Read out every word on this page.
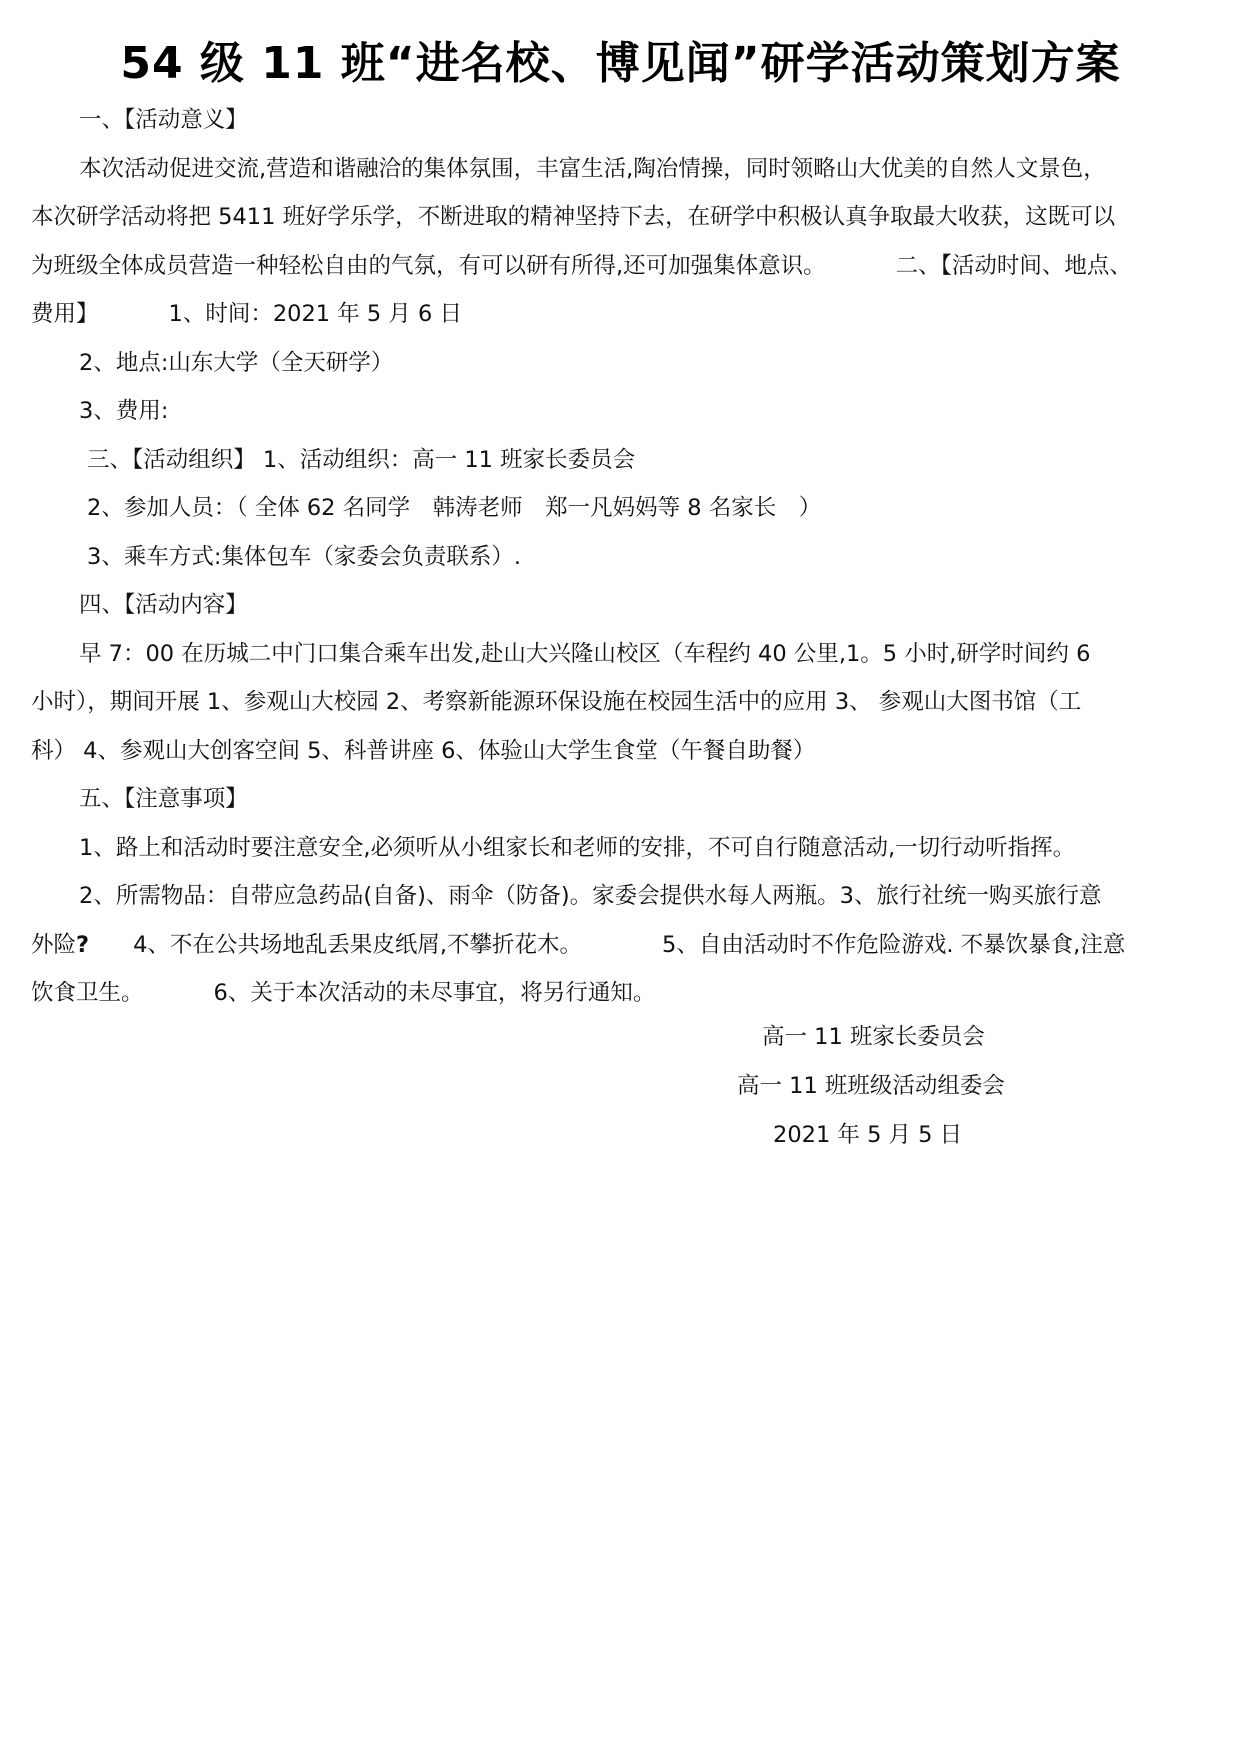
54 级 11 班“进名校、博见闻”研学活动策划方案
一、【活动意义】
本次活动促进交流,营造和谐融洽的集体氛围，丰富生活,陶冶情操，同时领略山大优美的自然人文景色，
本次研学活动将把 5411 班好学乐学，不断进取的精神坚持下去，在研学中积极认真争取最大收获，这既可以
为班级全体成员营造一种轻松自由的气氛，有可以研有所得,还可加强集体意识。	二、【活动时间、地点、
费用】	1、时间：2021 年 5 月 6 日
2、地点:山东大学（全天研学）
3、费用:
三、【活动组织】 1、活动组织：高一 11 班家长委员会
2、参加人员：（ 全体 62 名同学　韩涛老师　郑一凡妈妈等 8 名家长　）
3、乘车方式:集体包车（家委会负责联系）.
四、【活动内容】
早 7：00 在历城二中门口集合乘车出发,赴山大兴隆山校区（车程约 40 公里,1。5 小时,研学时间约 6
小时），期间开展 1、参观山大校园 2、考察新能源环保设施在校园生活中的应用 3、 参观山大图书馆（工
科） 4、参观山大创客空间 5、科普讲座 6、体验山大学生食堂（午餐自助餐）
五、【注意事项】
1、路上和活动时要注意安全,必须听从小组家长和老师的安排，不可自行随意活动,一切行动听指挥。
2、所需物品：自带应急药品(自备)、雨伞（防备)。家委会提供水每人两瓶。3、旅行社统一购买旅行意
外险? 4、不在公共场地乱丢果皮纸屑,不攀折花木。	5、自由活动时不作危险游戏. 不暴饮暴食,注意
饮食卫生。	6、关于本次活动的未尽事宜，将另行通知。
高一 11 班家长委员会
高一 11 班班级活动组委会
2021 年 5 月 5 日
